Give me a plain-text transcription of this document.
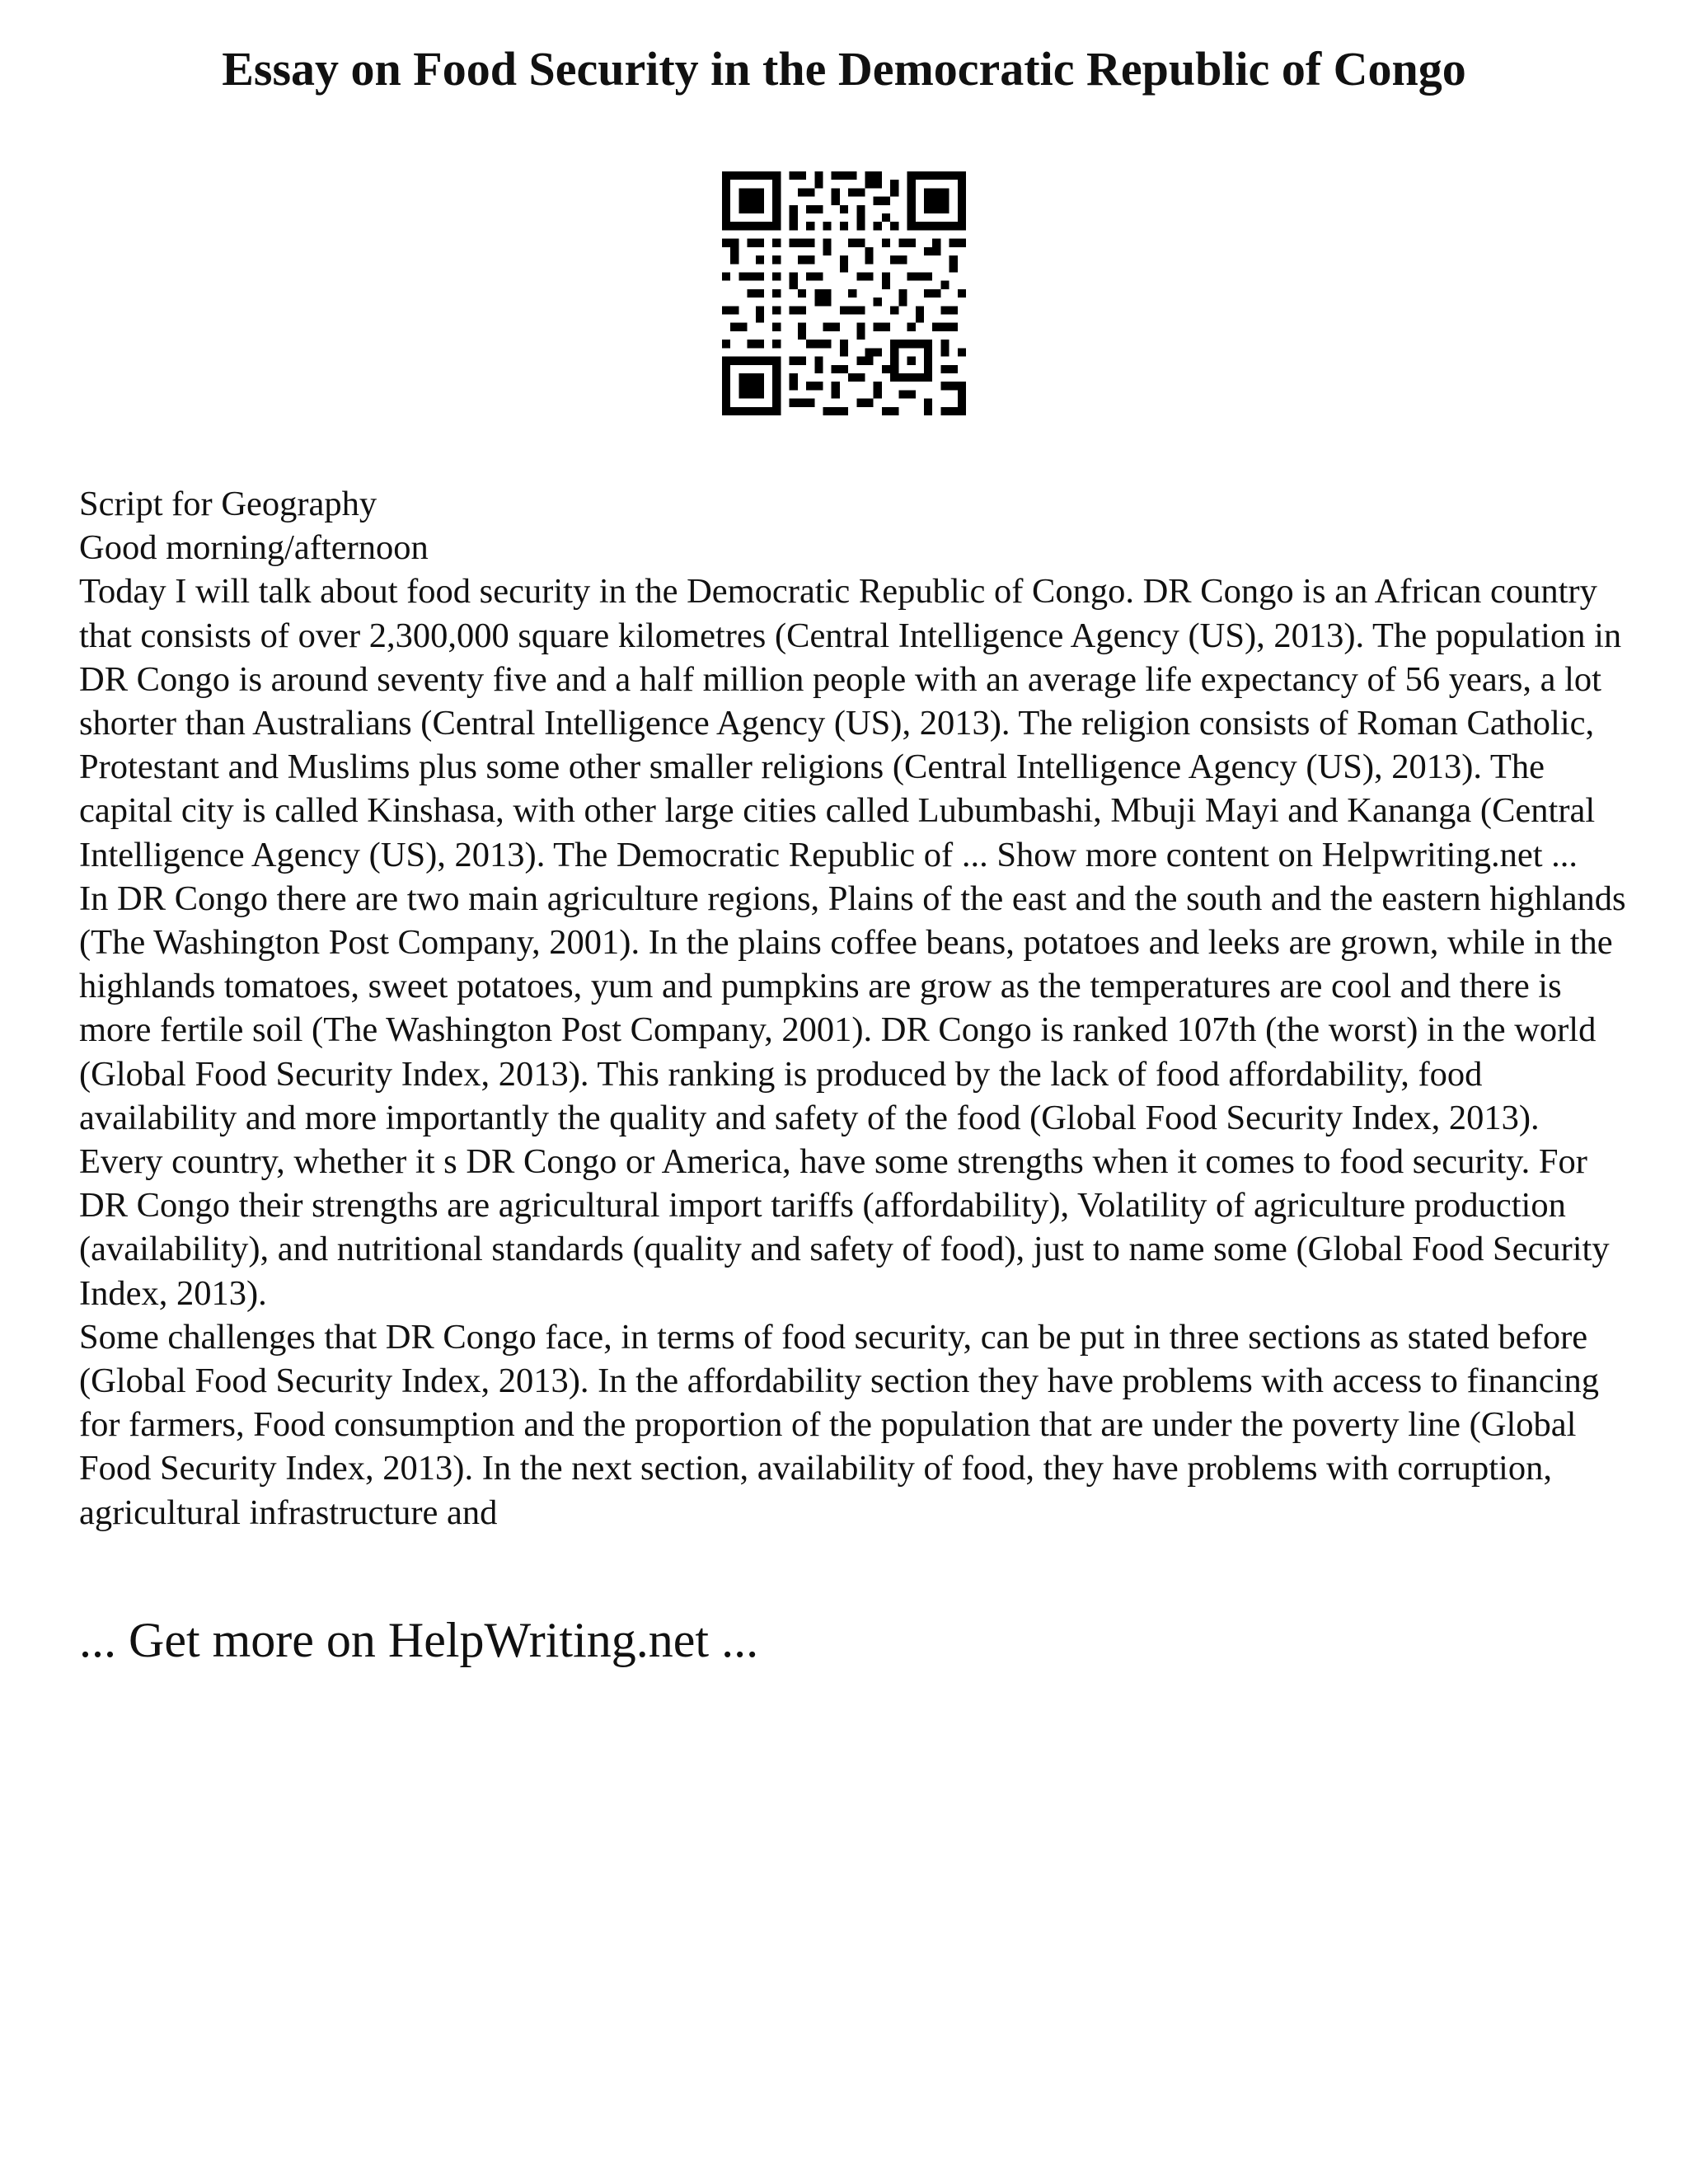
Essay on Food Security in the Democratic Republic of Congo

Script for Geography

Good morning/afternoon

Today I will talk about food security in the Democratic Republic of Congo. DR Congo is an African country that consists of over 2,300,000 square kilometres (Central Intelligence Agency (US), 2013). The population in DR Congo is around seventy five and a half million people with an average life expectancy of 56 years, a lot shorter than Australians (Central Intelligence Agency (US), 2013). The religion consists of Roman Catholic, Protestant and Muslims plus some other smaller religions (Central Intelligence Agency (US), 2013). The capital city is called Kinshasa, with other large cities called Lubumbashi, Mbuji Mayi and Kananga (Central Intelligence Agency (US), 2013). The Democratic Republic of ... Show more content on Helpwriting.net ...

In DR Congo there are two main agriculture regions, Plains of the east and the south and the eastern highlands (The Washington Post Company, 2001). In the plains coffee beans, potatoes and leeks are grown, while in the highlands tomatoes, sweet potatoes, yum and pumpkins are grow as the temperatures are cool and there is more fertile soil (The Washington Post Company, 2001). DR Congo is ranked 107th (the worst) in the world (Global Food Security Index, 2013). This ranking is produced by the lack of food affordability, food availability and more importantly the quality and safety of the food (Global Food Security Index, 2013). Every country, whether it s DR Congo or America, have some strengths when it comes to food security. For DR Congo their strengths are agricultural import tariffs (affordability), Volatility of agriculture production (availability), and nutritional standards (quality and safety of food), just to name some (Global Food Security Index, 2013).

Some challenges that DR Congo face, in terms of food security, can be put in three sections as stated before (Global Food Security Index, 2013). In the affordability section they have problems with access to financing for farmers, Food consumption and the proportion of the population that are under the poverty line (Global Food Security Index, 2013). In the next section, availability of food, they have problems with corruption, agricultural infrastructure and

... Get more on HelpWriting.net ...
